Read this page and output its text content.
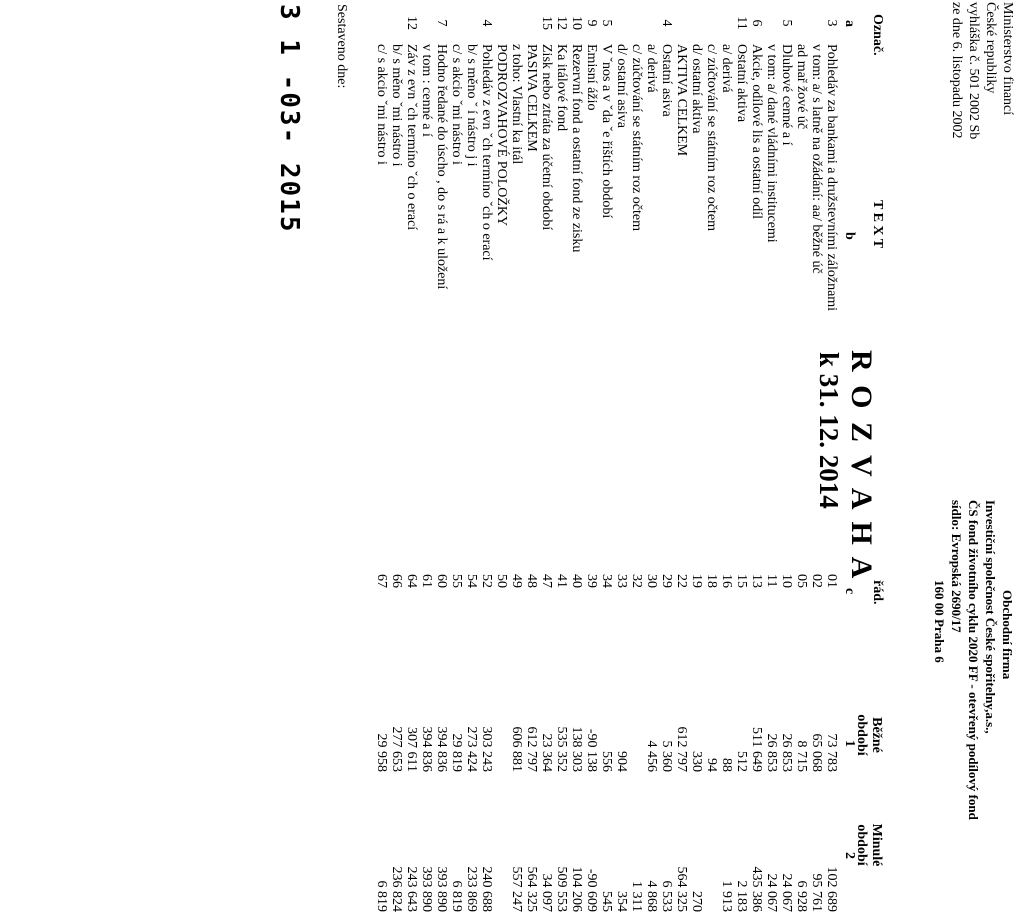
Ministerstvo financí
České republiky
vyhláška č. 501 2002 Sb
ze dne 6. listopadu 2002
Obchodní firma
Investiční společnost České spořitelny,a.s.,
ČS fond životního cyklu 2020 FF - otevřený podílový fond
sídlo: Evropská 2690/17
160 00 Praha 6
R O Z V A H A
k 31. 12. 2014
Označ.
T E X T
řád.
Běžné
období
Minulé
období
a
b
c
1
2
3
Pohledáv za bankami a družstevními záložnami
01
73 783
102 689
v tom: a/ s latně na ožádání: aa/ běžné úč
02
65 068
95 761
ad mar̆ žové úč
05
8 715
6 928
5
Dluhové cenné a í
10
26 853
24 067
v tom: a/ dané vládními institucemi
11
26 853
24 067
6
Akcie, odílové lis a ostatní odíl
13
511 649
435 386
11
Ostatní aktiva
15
512
2 183
a/ derivá
16
88
1 913
c/ zúčtování se státním roz očtem
18
94
d/ ostatní aktiva
19
330
270
AKTIVA CELKEM
22
612 797
564 325
4
Ostatní asiva
29
5 360
6 533
a/ derivá
30
4 456
4 868
c/ zúčtování se státním roz očtem
32
1 311
d/ ostatní asiva
33
904
354
5
V ˇnos a v ˇda ˇe řištích období
34
556
545
9
Emisní ážio
39
-90 138
-90 609
10
Rezervní fond a ostatní fond ze zisku
40
138 303
104 206
12
Ka itálové fond
41
535 352
509 553
15
Zisk nebo ztráta za účetní období
47
23 364
34 097
PASIVA CELKEM
48
612 797
564 325
z toho: Vlastní ka itál
49
606 881
557 247
PODROZVAHOVÉ POLOŽKY
50
4
Pohledáv z evn ˇch termíno ˇch o erací
52
303 243
240 688
b/ s měno ˇ í nástro j i
54
273 424
233 869
c/ s akcio ˇmi nástro i
55
29 819
6 819
7
Hodno ředané do úscho , do s rá a k uložení
60
394 836
393 890
v tom : cenné a í
61
394 836
393 890
12
Záv z evn ˇch termíno ˇch o erací
64
307 611
243 643
b/ s měno ˇmi nástro i
66
277 653
236 824
c/ s akcio ˇmi nástro i
67
29 958
6 819
Sestaveno dne:
3 1 -03- 2015
